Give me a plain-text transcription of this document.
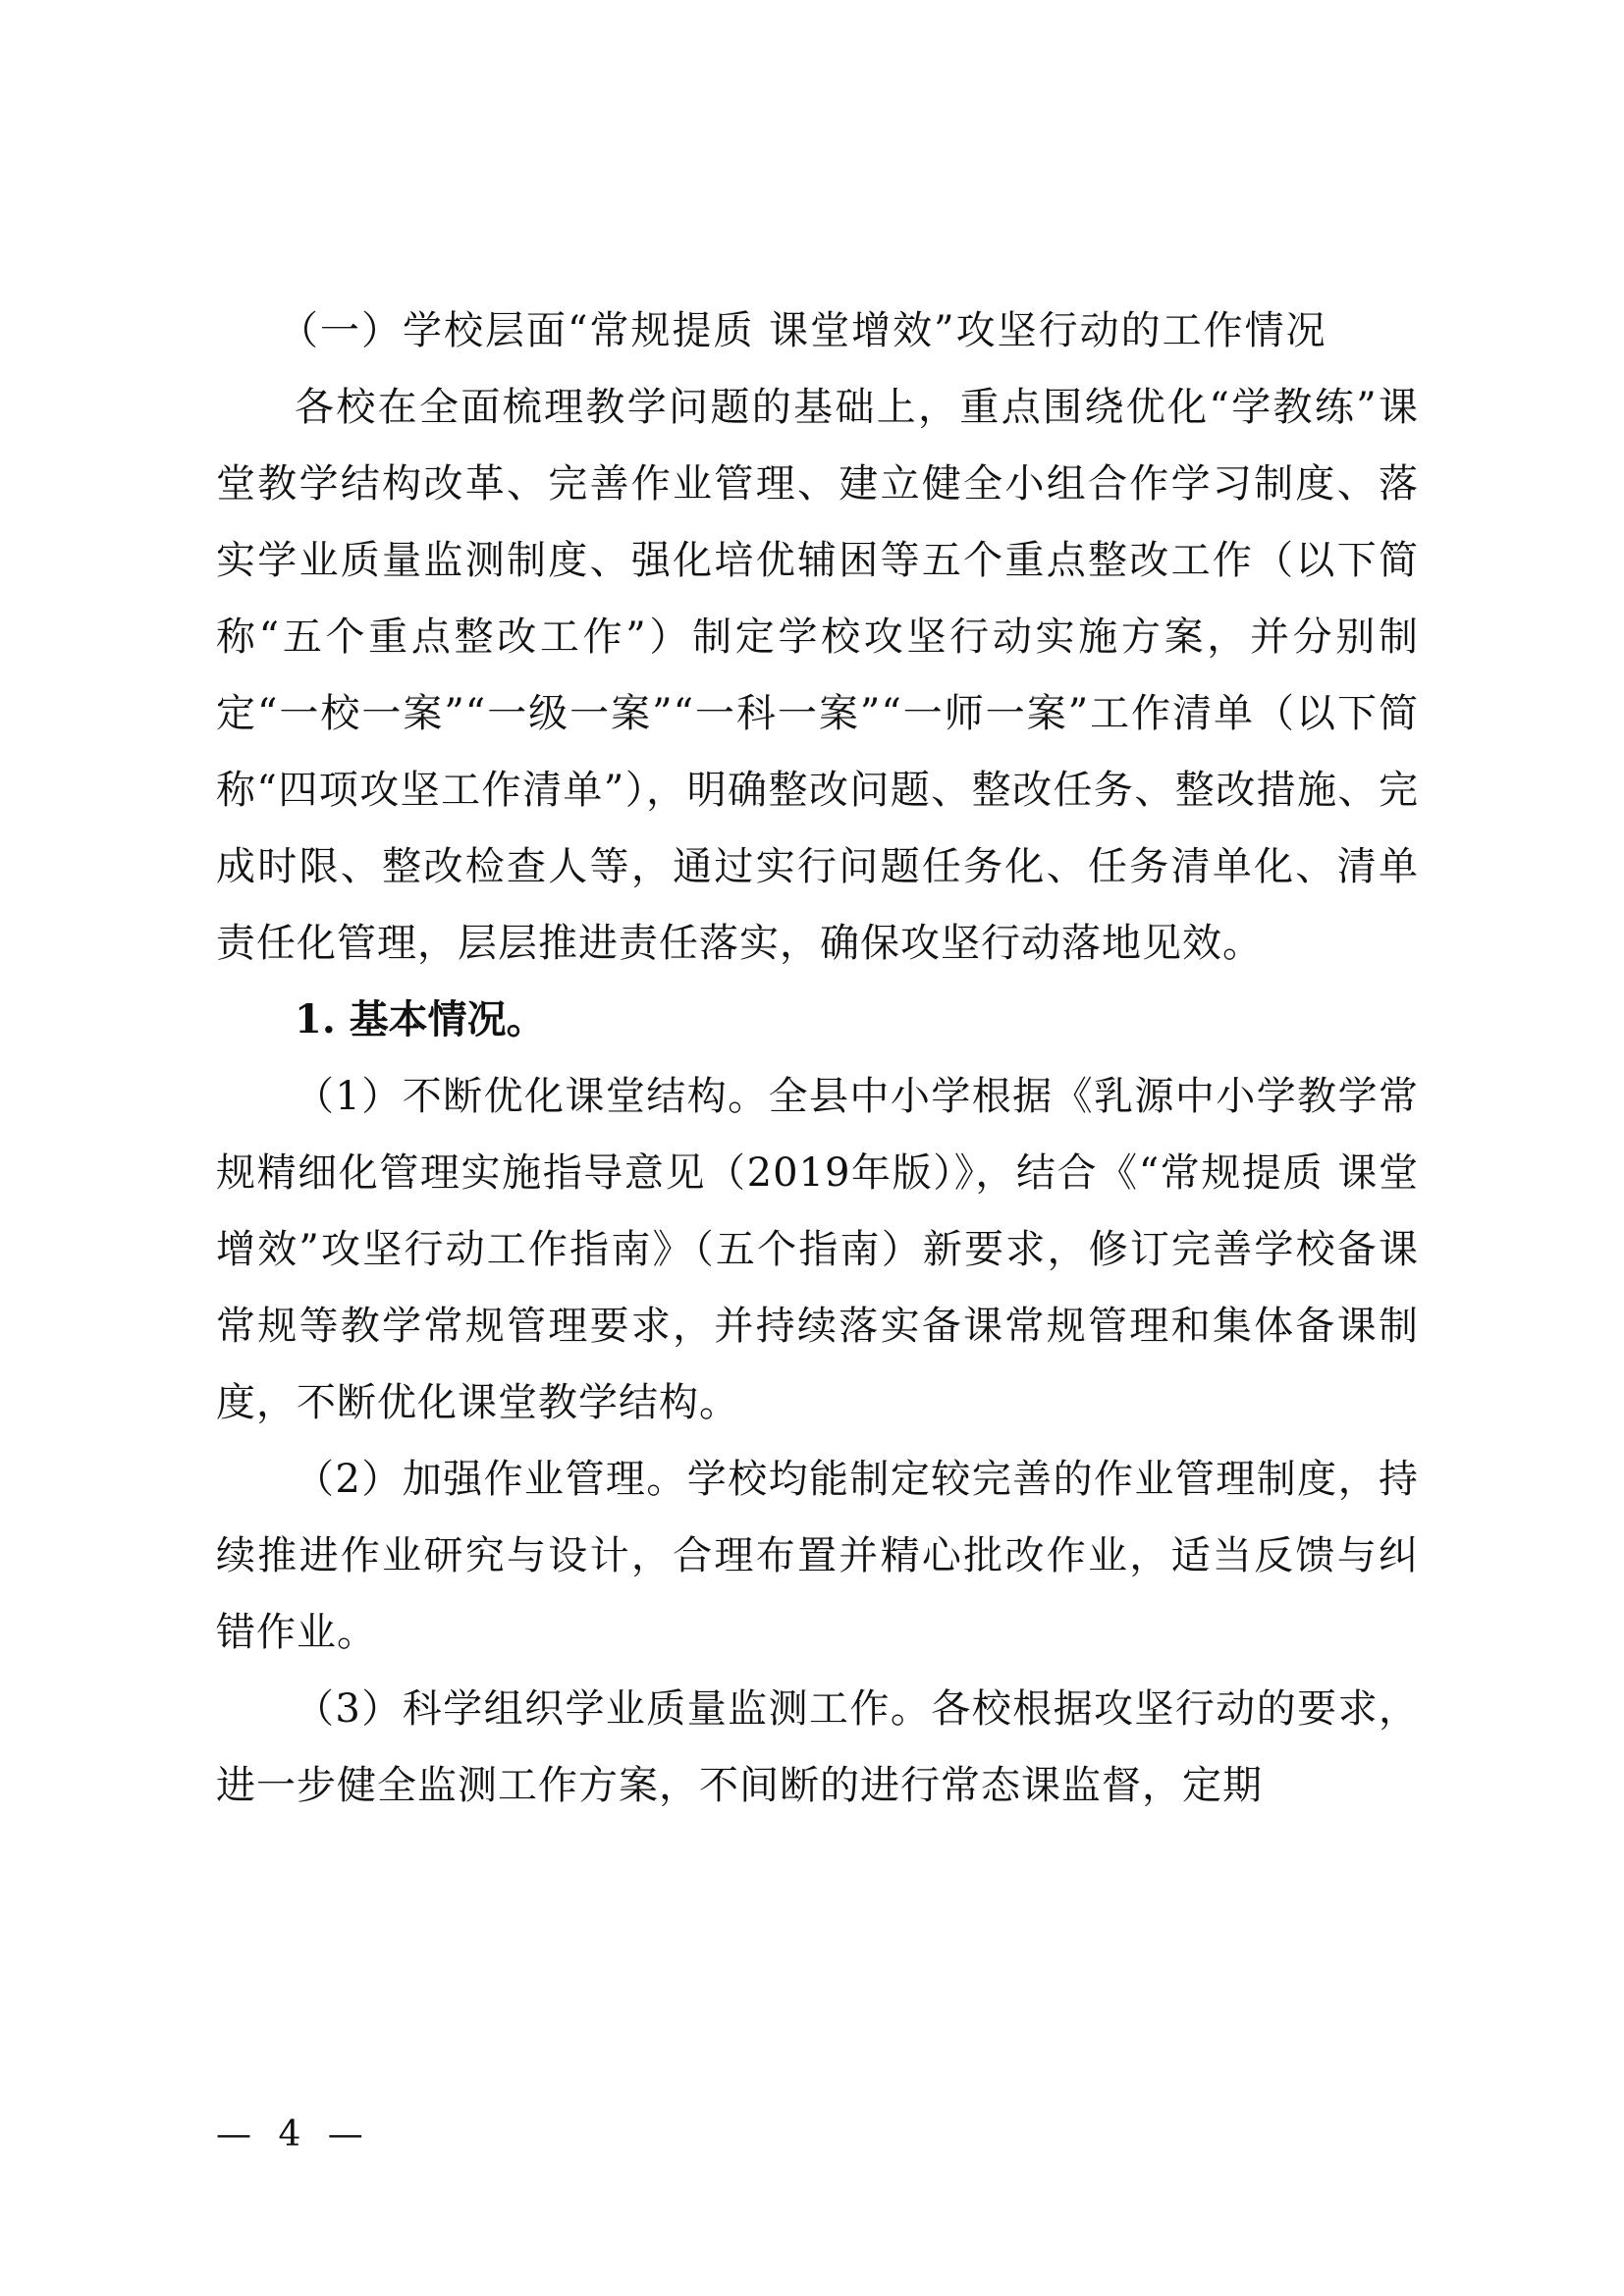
（一）学校层面“常规提质 课堂增效”攻坚行动的工作情况

各校在全面梳理教学问题的基础上，重点围绕优化“学教练”课堂教学结构改革、完善作业管理、建立健全小组合作学习制度、落实学业质量监测制度、强化培优辅困等五个重点整改工作（以下简称“五个重点整改工作”）制定学校攻坚行动实施方案，并分别制定“一校一案”“一级一案”“一科一案”“一师一案”工作清单（以下简称“四项攻坚工作清单”），明确整改问题、整改任务、整改措施、完成时限、整改检查人等，通过实行问题任务化、任务清单化、清单责任化管理，层层推进责任落实，确保攻坚行动落地见效。

1. 基本情况。

（1）不断优化课堂结构。全县中小学根据《乳源中小学教学常规精细化管理实施指导意见（2019年版）》，结合《“常规提质 课堂增效”攻坚行动工作指南》（五个指南）新要求，修订完善学校备课常规等教学常规管理要求，并持续落实备课常规管理和集体备课制度，不断优化课堂教学结构。

（2）加强作业管理。学校均能制定较完善的作业管理制度，持续推进作业研究与设计，合理布置并精心批改作业，适当反馈与纠错作业。

（3）科学组织学业质量监测工作。各校根据攻坚行动的要求，进一步健全监测工作方案，不间断的进行常态课监督，定期

— 4 —
